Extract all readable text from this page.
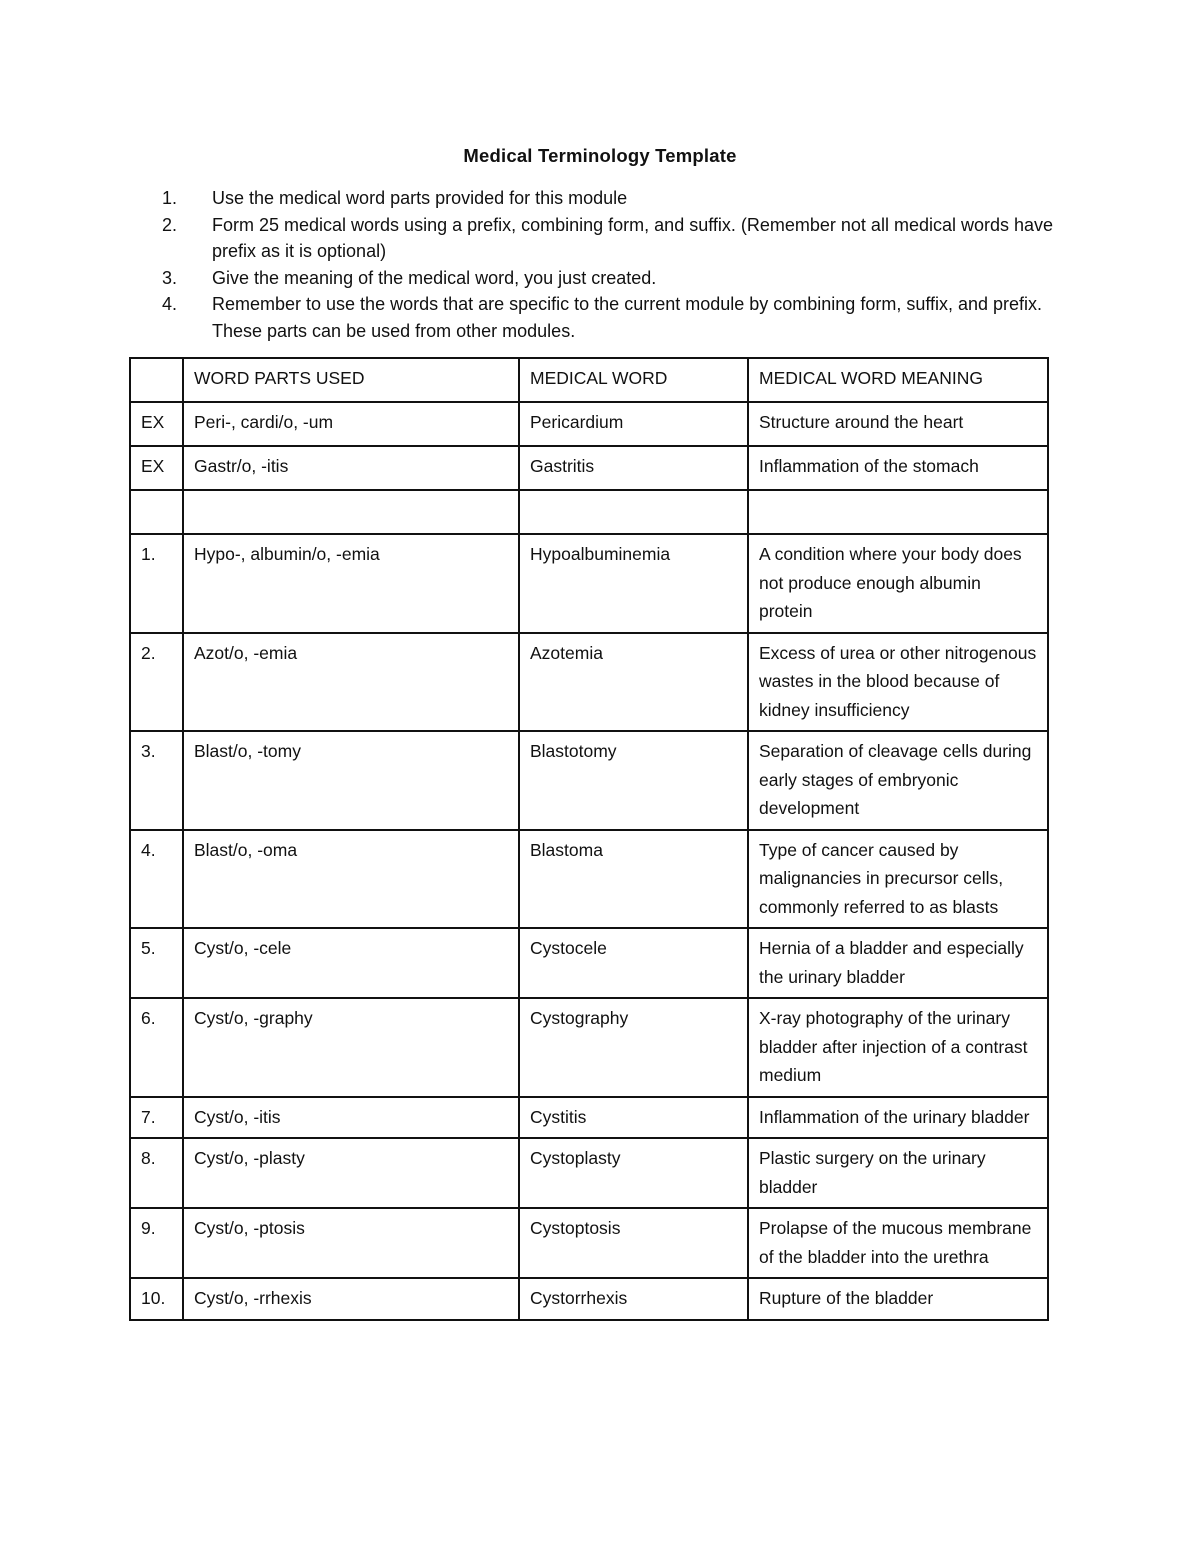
Medical Terminology Template
1.	Use the medical word parts provided for this module
2.	Form 25 medical words using a prefix, combining form, and suffix. (Remember not all medical words have prefix as it is optional)
3.	Give the meaning of the medical word, you just created.
4.	Remember to use the words that are specific to the current module by combining form, suffix, and prefix. These parts can be used from other modules.
	WORD PARTS USED	MEDICAL WORD	MEDICAL WORD MEANING
EX	Peri-, cardi/o, -um	Pericardium	Structure around the heart
EX	Gastr/o, -itis	Gastritis	Inflammation of the stomach

1.	Hypo-, albumin/o, -emia	Hypoalbuminemia	A condition where your body does not produce enough albumin protein
2.	Azot/o, -emia	Azotemia	Excess of urea or other nitrogenous wastes in the blood because of kidney insufficiency
3.	Blast/o, -tomy	Blastotomy	Separation of cleavage cells during early stages of embryonic development
4.	Blast/o, -oma	Blastoma	Type of cancer caused by malignancies in precursor cells, commonly referred to as blasts
5.	Cyst/o, -cele	Cystocele	Hernia of a bladder and especially the urinary bladder
6.	Cyst/o, -graphy	Cystography	X-ray photography of the urinary bladder after injection of a contrast medium
7.	Cyst/o, -itis	Cystitis	Inflammation of the urinary bladder
8.	Cyst/o, -plasty	Cystoplasty	Plastic surgery on the urinary bladder
9.	Cyst/o, -ptosis	Cystoptosis	Prolapse of the mucous membrane of the bladder into the urethra
10.	Cyst/o, -rrhexis	Cystorrhexis	Rupture of the bladder
